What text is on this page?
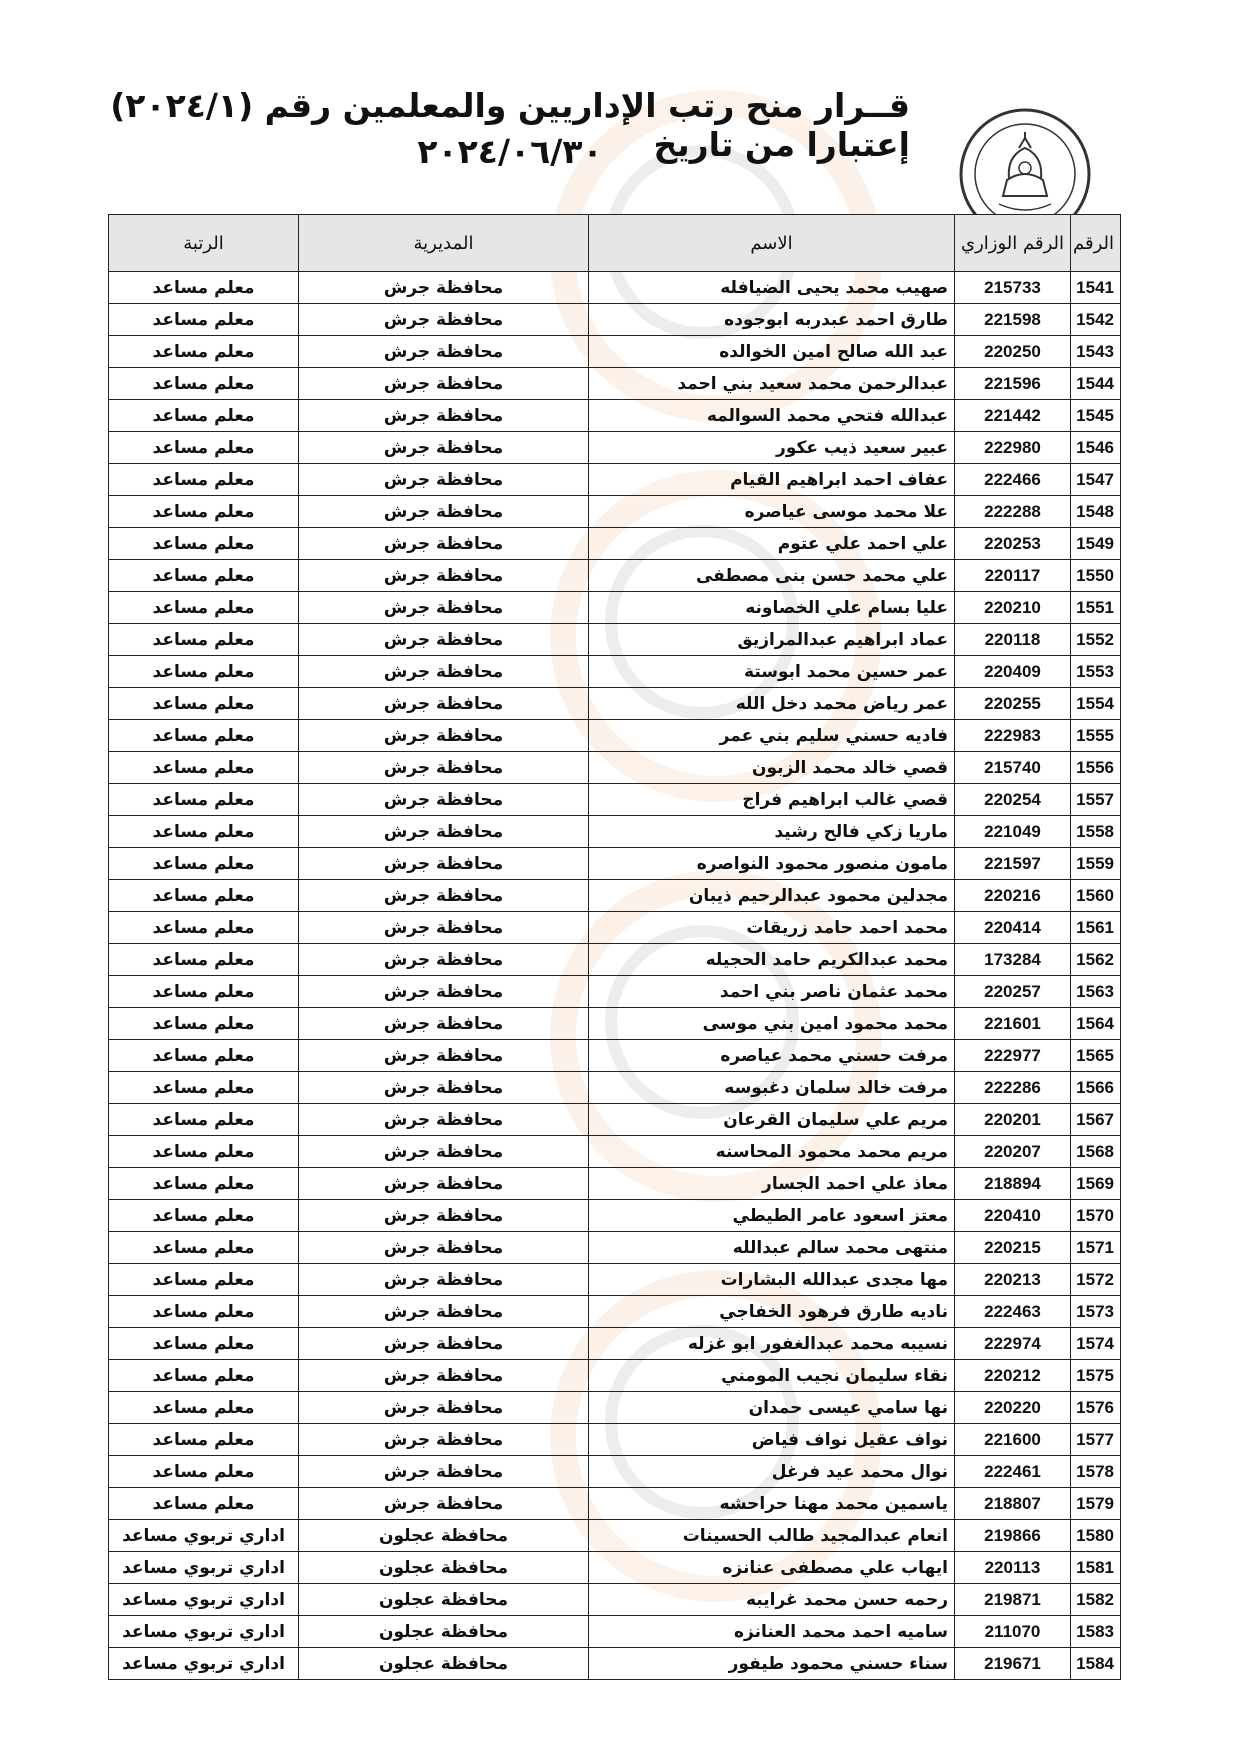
قــرار منح رتب الإداريين والمعلمين رقم (٢٠٢٤/١) إعتبارا من تاريخ
٢٠٢٤/٠٦/٣٠
الرقم	الرقم الوزاري	الاسم	المديرية	الرتبة
1541	215733	صهيب محمد يحيى الضيافله	محافظة جرش	معلم مساعد
1542	221598	طارق احمد عبدربه ابوجوده	محافظة جرش	معلم مساعد
1543	220250	عبد الله صالح امين الخوالده	محافظة جرش	معلم مساعد
1544	221596	عبدالرحمن محمد سعيد بني احمد	محافظة جرش	معلم مساعد
1545	221442	عبدالله فتحي محمد السوالمه	محافظة جرش	معلم مساعد
1546	222980	عبير سعيد ذيب عكور	محافظة جرش	معلم مساعد
1547	222466	عفاف احمد ابراهيم القيام	محافظة جرش	معلم مساعد
1548	222288	علا محمد موسى عياصره	محافظة جرش	معلم مساعد
1549	220253	علي احمد علي عتوم	محافظة جرش	معلم مساعد
1550	220117	علي محمد حسن بنى مصطفى	محافظة جرش	معلم مساعد
1551	220210	عليا بسام علي الخصاونه	محافظة جرش	معلم مساعد
1552	220118	عماد ابراهيم عبدالمرازيق	محافظة جرش	معلم مساعد
1553	220409	عمر حسين محمد ابوستة	محافظة جرش	معلم مساعد
1554	220255	عمر رياض محمد دخل الله	محافظة جرش	معلم مساعد
1555	222983	فاديه حسني سليم بني عمر	محافظة جرش	معلم مساعد
1556	215740	قصي خالد محمد الزبون	محافظة جرش	معلم مساعد
1557	220254	قصي غالب ابراهيم فراج	محافظة جرش	معلم مساعد
1558	221049	ماريا زكي فالح رشيد	محافظة جرش	معلم مساعد
1559	221597	مامون منصور محمود النواصره	محافظة جرش	معلم مساعد
1560	220216	مجدلين محمود عبدالرحيم ذيبان	محافظة جرش	معلم مساعد
1561	220414	محمد احمد حامد زريقات	محافظة جرش	معلم مساعد
1562	173284	محمد عبدالكريم حامد الحجيله	محافظة جرش	معلم مساعد
1563	220257	محمد عثمان ناصر بني احمد	محافظة جرش	معلم مساعد
1564	221601	محمد محمود امين بني موسى	محافظة جرش	معلم مساعد
1565	222977	مرفت حسني محمد عياصره	محافظة جرش	معلم مساعد
1566	222286	مرفت خالد سلمان دغبوسه	محافظة جرش	معلم مساعد
1567	220201	مريم علي سليمان القرعان	محافظة جرش	معلم مساعد
1568	220207	مريم محمد محمود المحاسنه	محافظة جرش	معلم مساعد
1569	218894	معاذ علي احمد الجسار	محافظة جرش	معلم مساعد
1570	220410	معتز اسعود عامر الطيطي	محافظة جرش	معلم مساعد
1571	220215	منتهى محمد سالم عبدالله	محافظة جرش	معلم مساعد
1572	220213	مها مجدى عبدالله البشارات	محافظة جرش	معلم مساعد
1573	222463	ناديه طارق فرهود الخفاجي	محافظة جرش	معلم مساعد
1574	222974	نسيبه محمد عبدالغفور ابو غزله	محافظة جرش	معلم مساعد
1575	220212	نقاء سليمان نجيب المومني	محافظة جرش	معلم مساعد
1576	220220	نها سامي عيسى حمدان	محافظة جرش	معلم مساعد
1577	221600	نواف عقيل نواف فياض	محافظة جرش	معلم مساعد
1578	222461	نوال محمد عيد فرغل	محافظة جرش	معلم مساعد
1579	218807	ياسمين محمد مهنا حراحشه	محافظة جرش	معلم مساعد
1580	219866	انعام عبدالمجيد طالب الحسينات	محافظة عجلون	اداري تربوي مساعد
1581	220113	ايهاب علي مصطفى عنانزه	محافظة عجلون	اداري تربوي مساعد
1582	219871	رحمه حسن محمد غرايبه	محافظة عجلون	اداري تربوي مساعد
1583	211070	ساميه احمد محمد العنانزه	محافظة عجلون	اداري تربوي مساعد
1584	219671	سناء حسني محمود طيفور	محافظة عجلون	اداري تربوي مساعد
